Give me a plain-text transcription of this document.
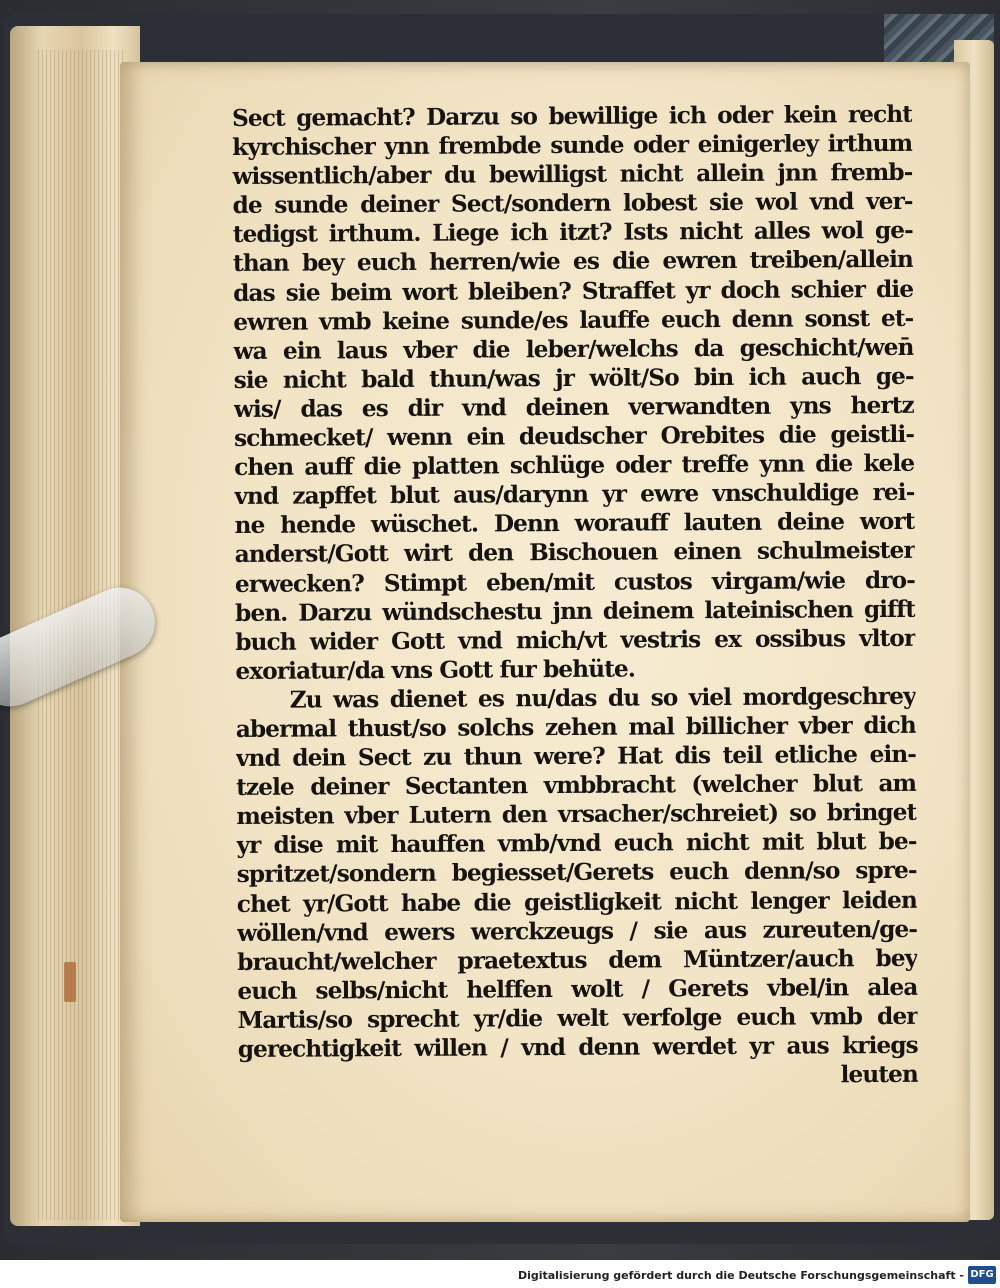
Sect gemacht? Darzu so bewillige ich oder kein recht
kyrchischer ynn frembde sunde oder einigerley irthum
wissentlich/aber du bewilligst nicht allein jnn fremb-
de sunde deiner Sect/sondern lobest sie wol vnd ver-
tedigst irthum. Liege ich itzt? Ists nicht alles wol ge-
than bey euch herren/wie es die ewren treiben/allein
das sie beim wort bleiben? Straffet yr doch schier die
ewren vmb keine sunde/es lauffe euch denn sonst et-
wa ein laus vber die leber/welchs da geschicht/wen̄
sie nicht bald thun/was jr wölt/So bin ich auch ge-
wis/ das es dir vnd deinen verwandten yns hertz
schmecket/ wenn ein deudscher Orebites die geistli-
chen auff die platten schlüge oder treffe ynn die kele
vnd zapffet blut aus/darynn yr ewre vnschuldige rei-
ne hende wüschet. Denn worauff lauten deine wort
anderst/Gott wirt den Bischouen einen schulmeister
erwecken? Stimpt eben/mit custos virgam/wie dro-
ben. Darzu wündschestu jnn deinem lateinischen gifft
buch wider Gott vnd mich/vt vestris ex ossibus vltor
exoriatur/da vns Gott fur behüte.
Zu was dienet es nu/das du so viel mordgeschrey
abermal thust/so solchs zehen mal billicher vber dich
vnd dein Sect zu thun were? Hat dis teil etliche ein-
tzele deiner Sectanten vmbbracht (welcher blut am
meisten vber Lutern den vrsacher/schreiet) so bringet
yr dise mit hauffen vmb/vnd euch nicht mit blut be-
spritzet/sondern begiesset/Gerets euch denn/so spre-
chet yr/Gott habe die geistligkeit nicht lenger leiden
wöllen/vnd ewers werckzeugs / sie aus zureuten/ge-
braucht/welcher praetextus dem Müntzer/auch bey
euch selbs/nicht helffen wolt / Gerets vbel/in alea
Martis/so sprecht yr/die welt verfolge euch vmb der
gerechtigkeit willen / vnd denn werdet yr aus kriegs
leuten
Digitalisierung gefördert durch die Deutsche Forschungsgemeinschaft - DFG
